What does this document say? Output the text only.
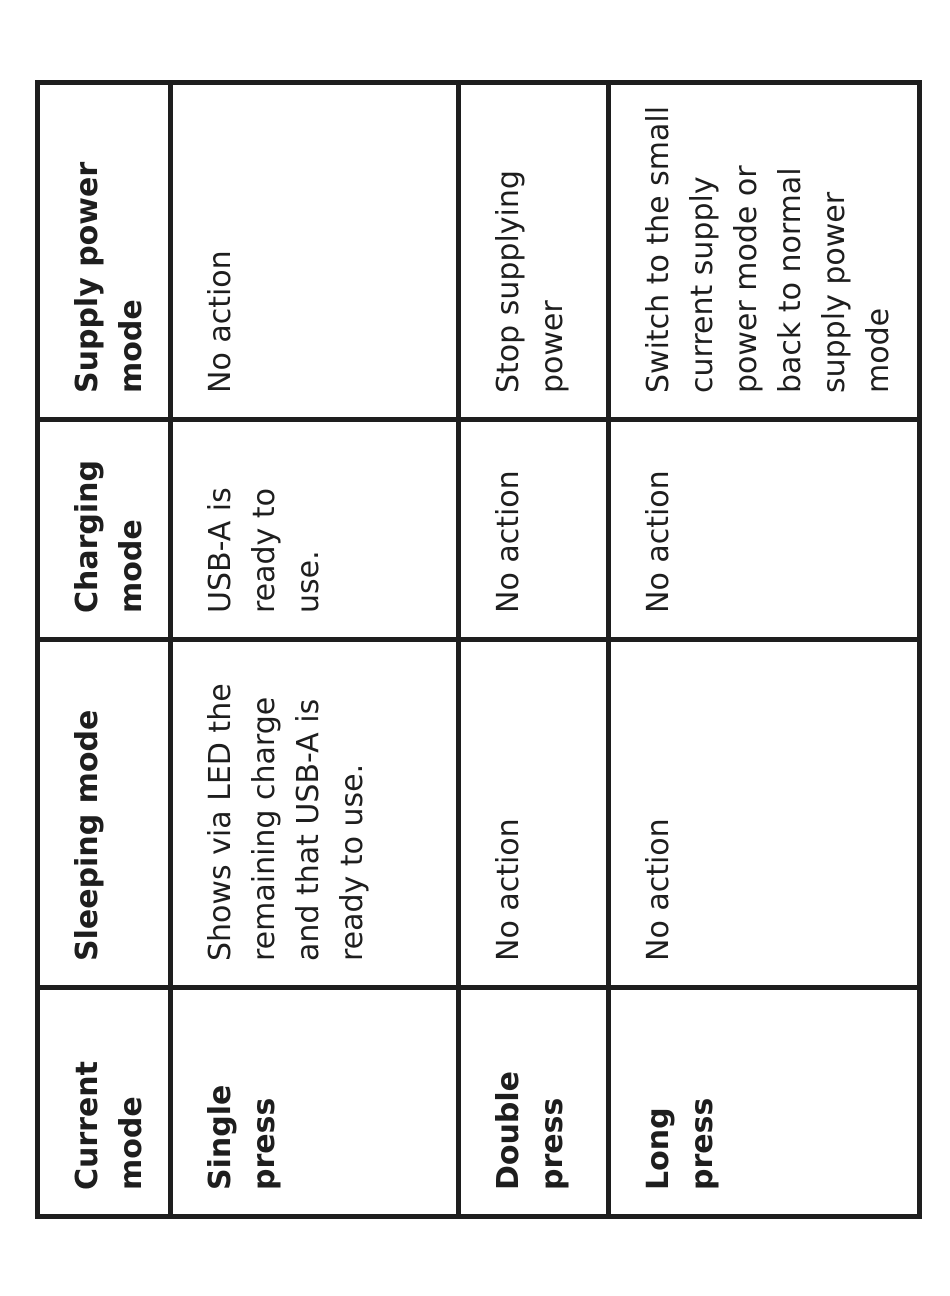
Current mode	Sleeping mode	Charging mode	Supply power mode
Single press	Shows via LED the remaining charge and that USB-A is ready to use.	USB-A is ready to use.	No action
Double press	No action	No action	Stop supplying power
Long press	No action	No action	Switch to the small current supply power mode or back to normal supply power mode
